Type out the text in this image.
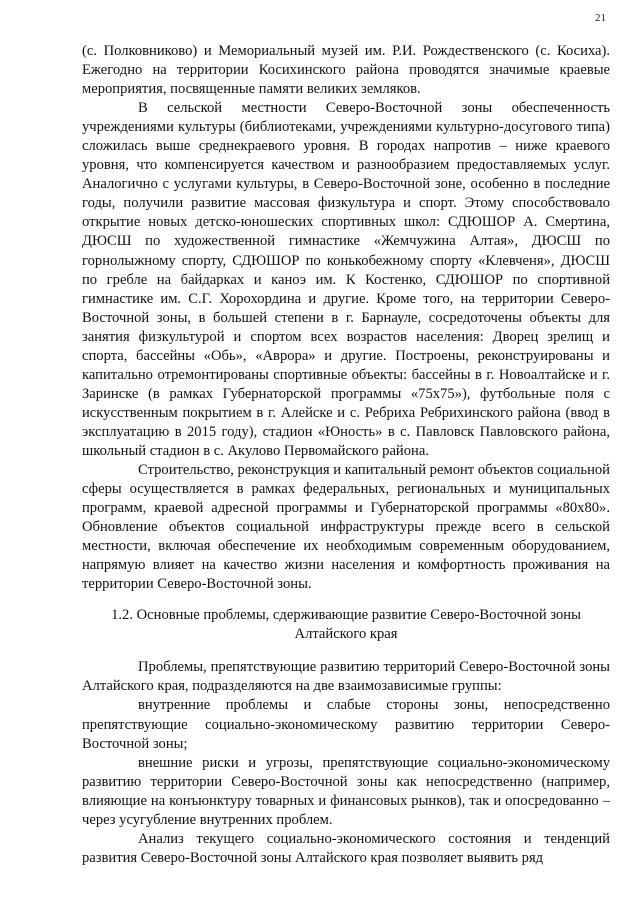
21

(с. Полковниково) и Мемориальный музей им. Р.И. Рождественского (с. Косиха). Ежегодно на территории Косихинского района проводятся значимые краевые мероприятия, посвященные памяти великих земляков.

В сельской местности Северо-Восточной зоны обеспеченность учреждениями культуры (библиотеками, учреждениями культурно-досугового типа) сложилась выше среднекраевого уровня. В городах напротив – ниже краевого уровня, что компенсируется качеством и разнообразием предоставляемых услуг. Аналогично с услугами культуры, в Северо-Восточной зоне, особенно в последние годы, получили развитие массовая физкультура и спорт. Этому способствовало открытие новых детско-юношеских спортивных школ: СДЮШОР А. Смертина, ДЮСШ по художественной гимнастике «Жемчужина Алтая», ДЮСШ по горнолыжному спорту, СДЮШОР по конькобежному спорту «Клевченя», ДЮСШ по гребле на байдарках и каноэ им. К Костенко, СДЮШОР по спортивной гимнастике им. С.Г. Хорохордина и другие. Кроме того, на территории Северо-Восточной зоны, в большей степени в г. Барнауле, сосредоточены объекты для занятия физкультурой и спортом всех возрастов населения: Дворец зрелищ и спорта, бассейны «Обь», «Аврора» и другие. Построены, реконструированы и капитально отремонтированы спортивные объекты: бассейны в г. Новоалтайске и г. Заринске (в рамках Губернаторской программы «75х75»), футбольные поля с искусственным покрытием в г. Алейске и с. Ребриха Ребрихинского района (ввод в эксплуатацию в 2015 году), стадион «Юность» в с. Павловск Павловского района, школьный стадион в с. Акулово Первомайского района.

Строительство, реконструкция и капитальный ремонт объектов социальной сферы осуществляется в рамках федеральных, региональных и муниципальных программ, краевой адресной программы и Губернаторской программы «80х80». Обновление объектов социальной инфраструктуры прежде всего в сельской местности, включая обеспечение их необходимым современным оборудованием, напрямую влияет на качество жизни населения и комфортность проживания на территории Северо-Восточной зоны.

1.2. Основные проблемы, сдерживающие развитие Северо-Восточной зоны
Алтайского края

Проблемы, препятствующие развитию территорий Северо-Восточной зоны Алтайского края, подразделяются на две взаимозависимые группы:

внутренние проблемы и слабые стороны зоны, непосредственно препятствующие социально-экономическому развитию территории Северо-Восточной зоны;

внешние риски и угрозы, препятствующие социально-экономическому развитию территории Северо-Восточной зоны как непосредственно (например, влияющие на конъюнктуру товарных и финансовых рынков), так и опосредованно – через усугубление внутренних проблем.

Анализ текущего социально-экономического состояния и тенденций развития Северо-Восточной зоны Алтайского края позволяет выявить ряд
